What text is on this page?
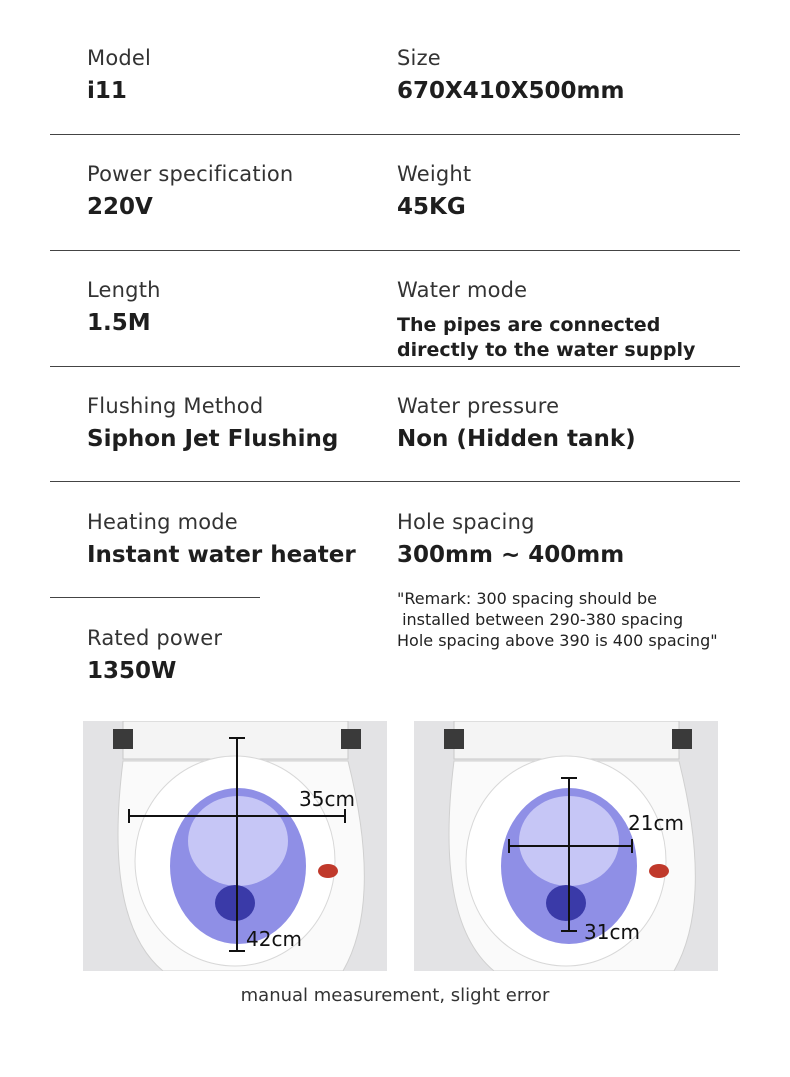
Model
i11
Size
670X410X500mm
Power specification
220V
Weight
45KG
Length
1.5M
Water mode
The pipes are connected directly to the water supply
Flushing Method
Siphon Jet Flushing
Water pressure
Non (Hidden tank)
Heating mode
Instant water heater
Hole spacing
300mm ~ 400mm
"Remark: 300 spacing should be
installed between 290-380 spacing
Hole spacing above 390 is 400 spacing"
Rated power
1350W
35cm
42cm
21cm
31cm
manual measurement, slight error
